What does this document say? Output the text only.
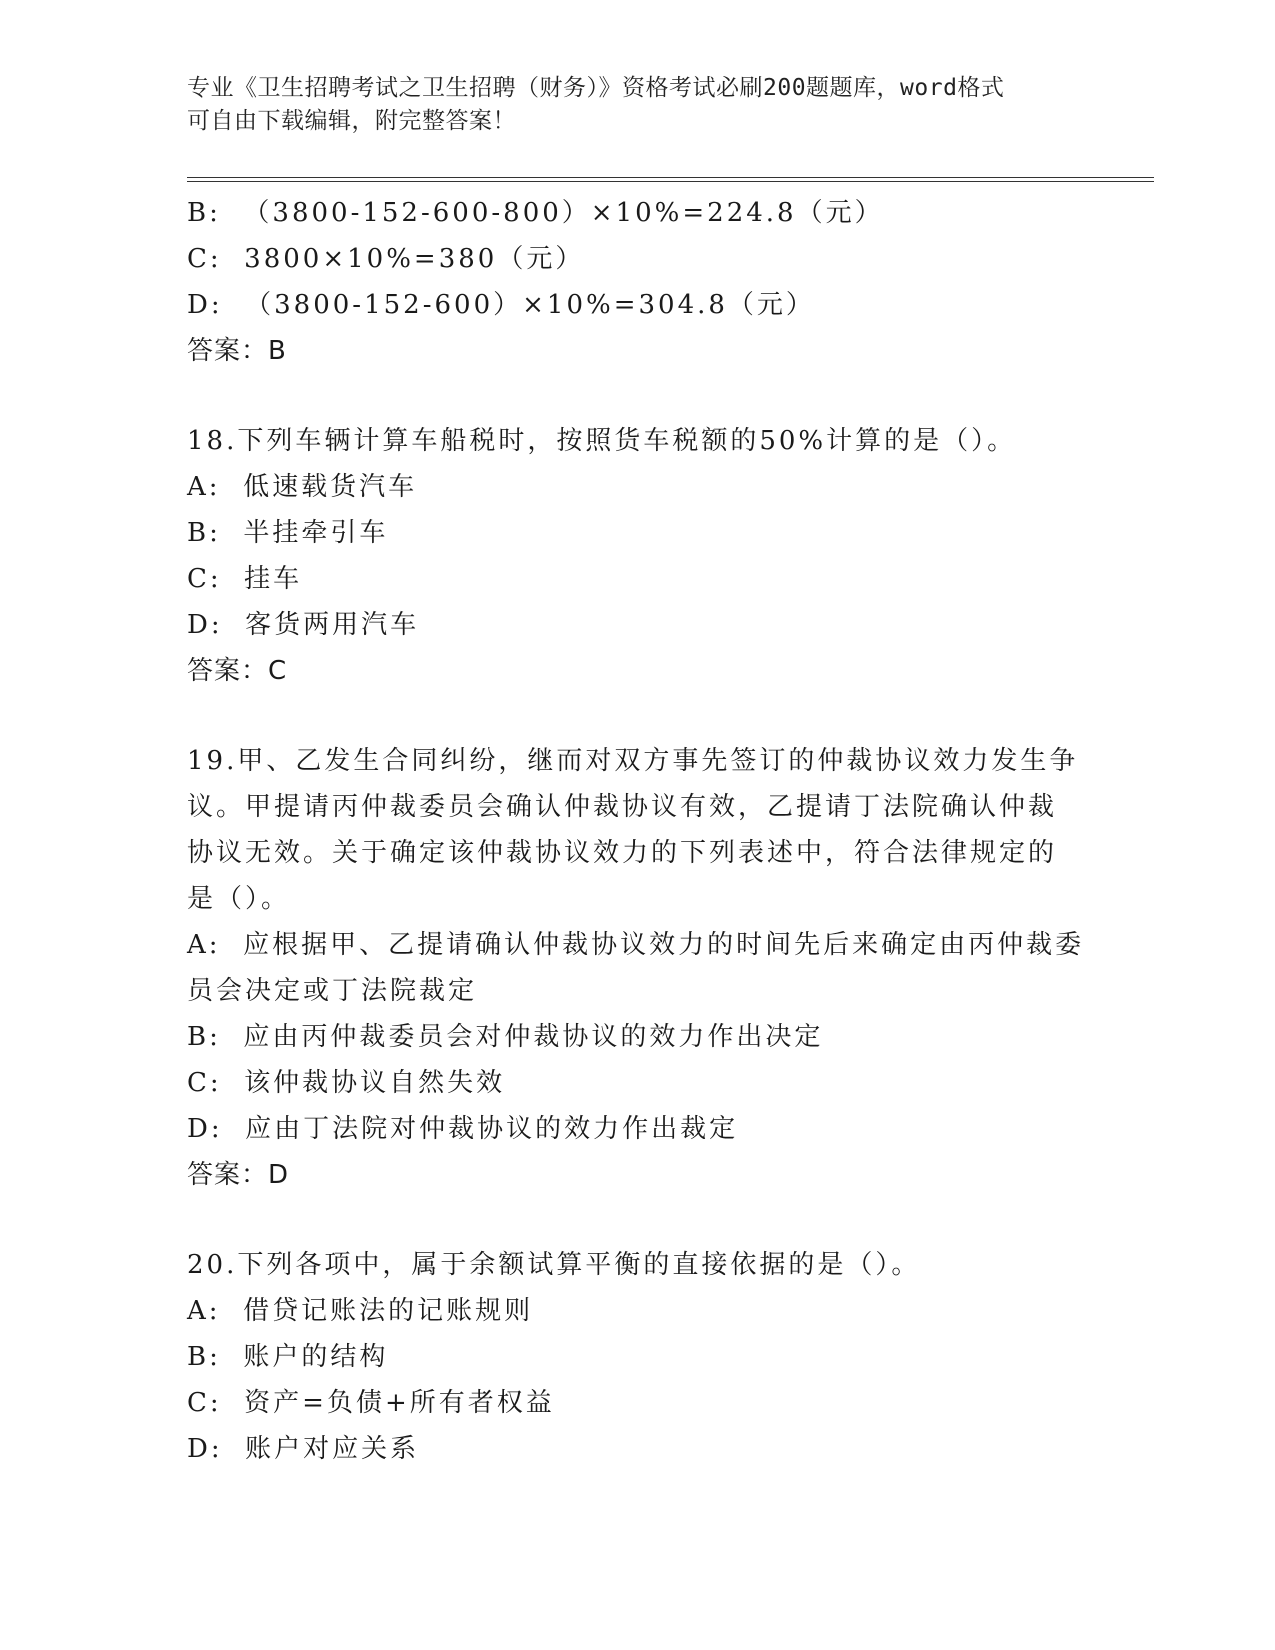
专业《卫生招聘考试之卫生招聘（财务）》资格考试必刷200题题库，word格式
可自由下载编辑，附完整答案！
B:  （3800-152-600-800）×10%=224.8（元）
C:  3800×10%=380（元）
D:  （3800-152-600）×10%=304.8（元）
答案：B
18.下列车辆计算车船税时，按照货车税额的50%计算的是（）。
A:  低速载货汽车
B:  半挂牵引车
C:  挂车
D:  客货两用汽车
答案：C
19.甲、乙发生合同纠纷，继而对双方事先签订的仲裁协议效力发生争
议。甲提请丙仲裁委员会确认仲裁协议有效，乙提请丁法院确认仲裁
协议无效。关于确定该仲裁协议效力的下列表述中，符合法律规定的
是（）。
A:  应根据甲、乙提请确认仲裁协议效力的时间先后来确定由丙仲裁委
员会决定或丁法院裁定
B:  应由丙仲裁委员会对仲裁协议的效力作出决定
C:  该仲裁协议自然失效
D:  应由丁法院对仲裁协议的效力作出裁定
答案：D
20.下列各项中，属于余额试算平衡的直接依据的是（）。
A:  借贷记账法的记账规则
B:  账户的结构
C:  资产=负债+所有者权益
D:  账户对应关系
